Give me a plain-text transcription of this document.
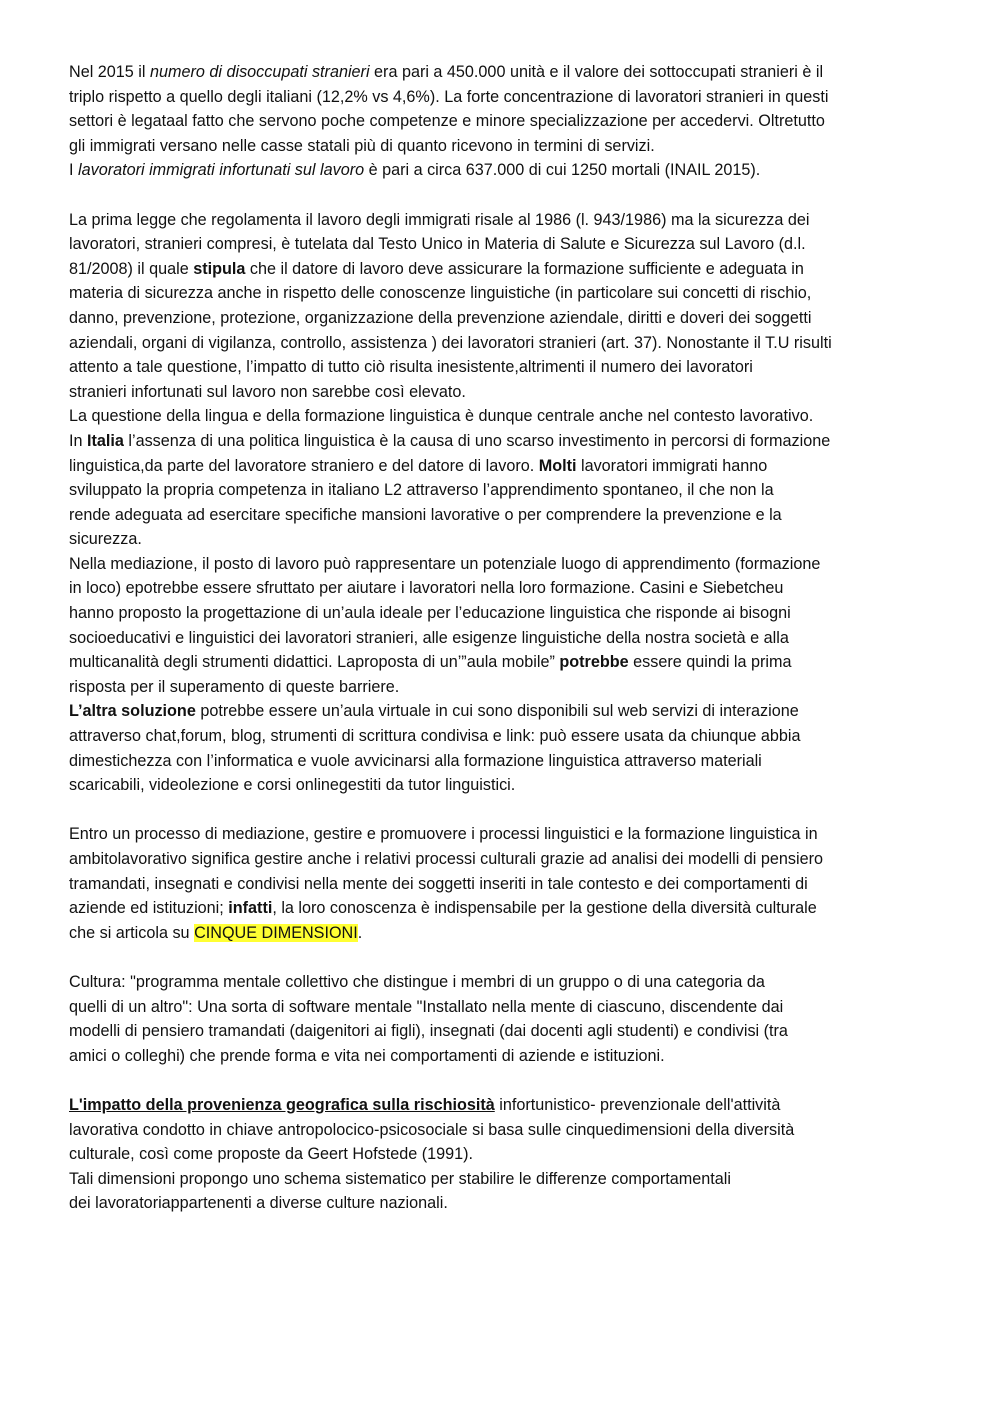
Nel 2015 il numero di disoccupati stranieri era pari a 450.000 unità e il valore dei sottoccupati stranieri è il
triplo rispetto a quello degli italiani (12,2% vs 4,6%). La forte concentrazione di lavoratori stranieri in questi
settori è legataal fatto che servono poche competenze e minore specializzazione per accedervi. Oltretutto
gli immigrati versano nelle casse statali più di quanto ricevono in termini di servizi.
I lavoratori immigrati infortunati sul lavoro è pari a circa 637.000 di cui 1250 mortali (INAIL 2015).
La prima legge che regolamenta il lavoro degli immigrati risale al 1986 (l. 943/1986) ma la sicurezza dei
lavoratori, stranieri compresi, è tutelata dal Testo Unico in Materia di Salute e Sicurezza sul Lavoro (d.l.
81/2008) il quale stipula che il datore di lavoro deve assicurare la formazione sufficiente e adeguata in
materia di sicurezza anche in rispetto delle conoscenze linguistiche (in particolare sui concetti di rischio,
danno, prevenzione, protezione, organizzazione della prevenzione aziendale, diritti e doveri dei soggetti
aziendali, organi di vigilanza, controllo, assistenza ) dei lavoratori stranieri (art. 37). Nonostante il T.U risulti
attento a tale questione, l’impatto di tutto ciò risulta inesistente,altrimenti il numero dei lavoratori
stranieri infortunati sul lavoro non sarebbe così elevato.
La questione della lingua e della formazione linguistica è dunque centrale anche nel contesto lavorativo.
In Italia l’assenza di una politica linguistica è la causa di uno scarso investimento in percorsi di formazione
linguistica,da parte del lavoratore straniero e del datore di lavoro. Molti lavoratori immigrati hanno
sviluppato la propria competenza in italiano L2 attraverso l’apprendimento spontaneo, il che non la
rende adeguata ad esercitare specifiche mansioni lavorative o per comprendere la prevenzione e la
sicurezza.
Nella mediazione, il posto di lavoro può rappresentare un potenziale luogo di apprendimento (formazione
in loco) epotrebbe essere sfruttato per aiutare i lavoratori nella loro formazione. Casini e Siebetcheu
hanno proposto la progettazione di un’aula ideale per l’educazione linguistica che risponde ai bisogni
socioeducativi e linguistici dei lavoratori stranieri, alle esigenze linguistiche della nostra società e alla
multicanalità degli strumenti didattici. Laproposta di un’”aula mobile” potrebbe essere quindi la prima
risposta per il superamento di queste barriere.
L’altra soluzione potrebbe essere un’aula virtuale in cui sono disponibili sul web servizi di interazione
attraverso chat,forum, blog, strumenti di scrittura condivisa e link: può essere usata da chiunque abbia
dimestichezza con l’informatica e vuole avvicinarsi alla formazione linguistica attraverso materiali
scaricabili, videolezione e corsi onlinegestiti da tutor linguistici.
Entro un processo di mediazione, gestire e promuovere i processi linguistici e la formazione linguistica in
ambitolavorativo significa gestire anche i relativi processi culturali grazie ad analisi dei modelli di pensiero
tramandati, insegnati e condivisi nella mente dei soggetti inseriti in tale contesto e dei comportamenti di
aziende ed istituzioni; infatti, la loro conoscenza è indispensabile per la gestione della diversità culturale
che si articola su CINQUE DIMENSIONI.
Cultura: "programma mentale collettivo che distingue i membri di un gruppo o di una categoria da
quelli di un altro": Una sorta di software mentale "Installato nella mente di ciascuno, discendente dai
modelli di pensiero tramandati (daigenitori ai figli), insegnati (dai docenti agli studenti) e condivisi (tra
amici o colleghi) che prende forma e vita nei comportamenti di aziende e istituzioni.
L'impatto della provenienza geografica sulla rischiosità infortunistico- prevenzionale dell'attività
lavorativa condotto in chiave antropolocico-psicosociale si basa sulle cinquedimensioni della diversità
culturale, così come proposte da Geert Hofstede (1991).
Tali dimensioni propongo uno schema sistematico per stabilire le differenze comportamentali
dei lavoratoriappartenenti a diverse culture nazionali.
